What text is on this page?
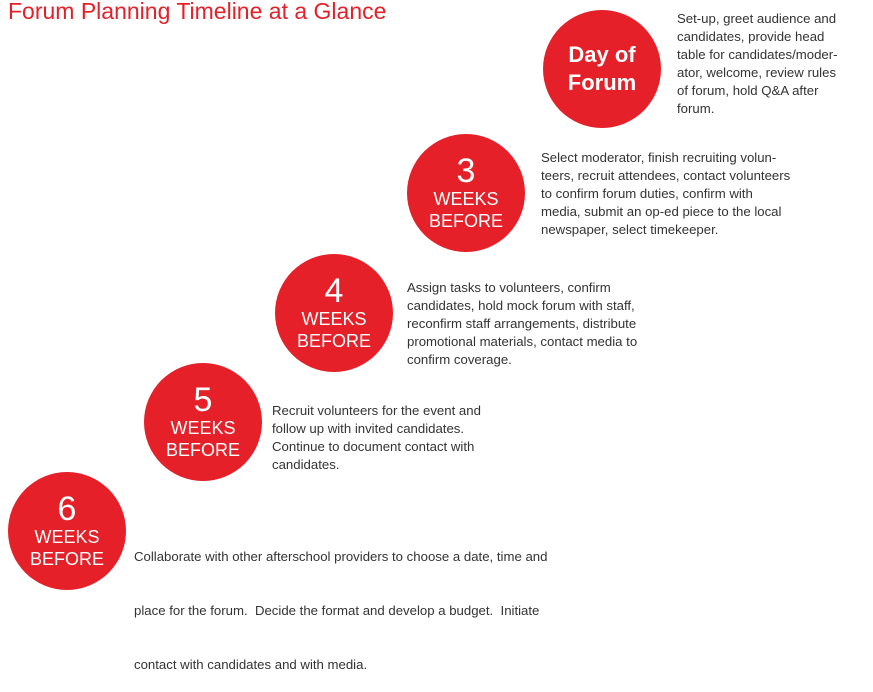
Forum Planning Timeline at a Glance
Day of
Forum
Set-up, greet audience and
candidates, provide head
table for candidates/moder-
ator, welcome, review rules
of forum, hold Q&A after
forum.
3
WEEKS
BEFORE
Select moderator, finish recruiting volun-
teers, recruit attendees, contact volunteers
to confirm forum duties, confirm with
media, submit an op-ed piece to the local
newspaper, select timekeeper.
4
WEEKS
BEFORE
Assign tasks to volunteers, confirm
candidates, hold mock forum with staff,
reconfirm staff arrangements, distribute
promotional materials, contact media to
confirm coverage.
5
WEEKS
BEFORE
Recruit volunteers for the event and
follow up with invited candidates.
Continue to document contact with
candidates.
6
WEEKS
BEFORE

Collaborate with other afterschool providers to choose a date, time and

place for the forum.  Decide the format and develop a budget.  Initiate

contact with candidates and with media.
